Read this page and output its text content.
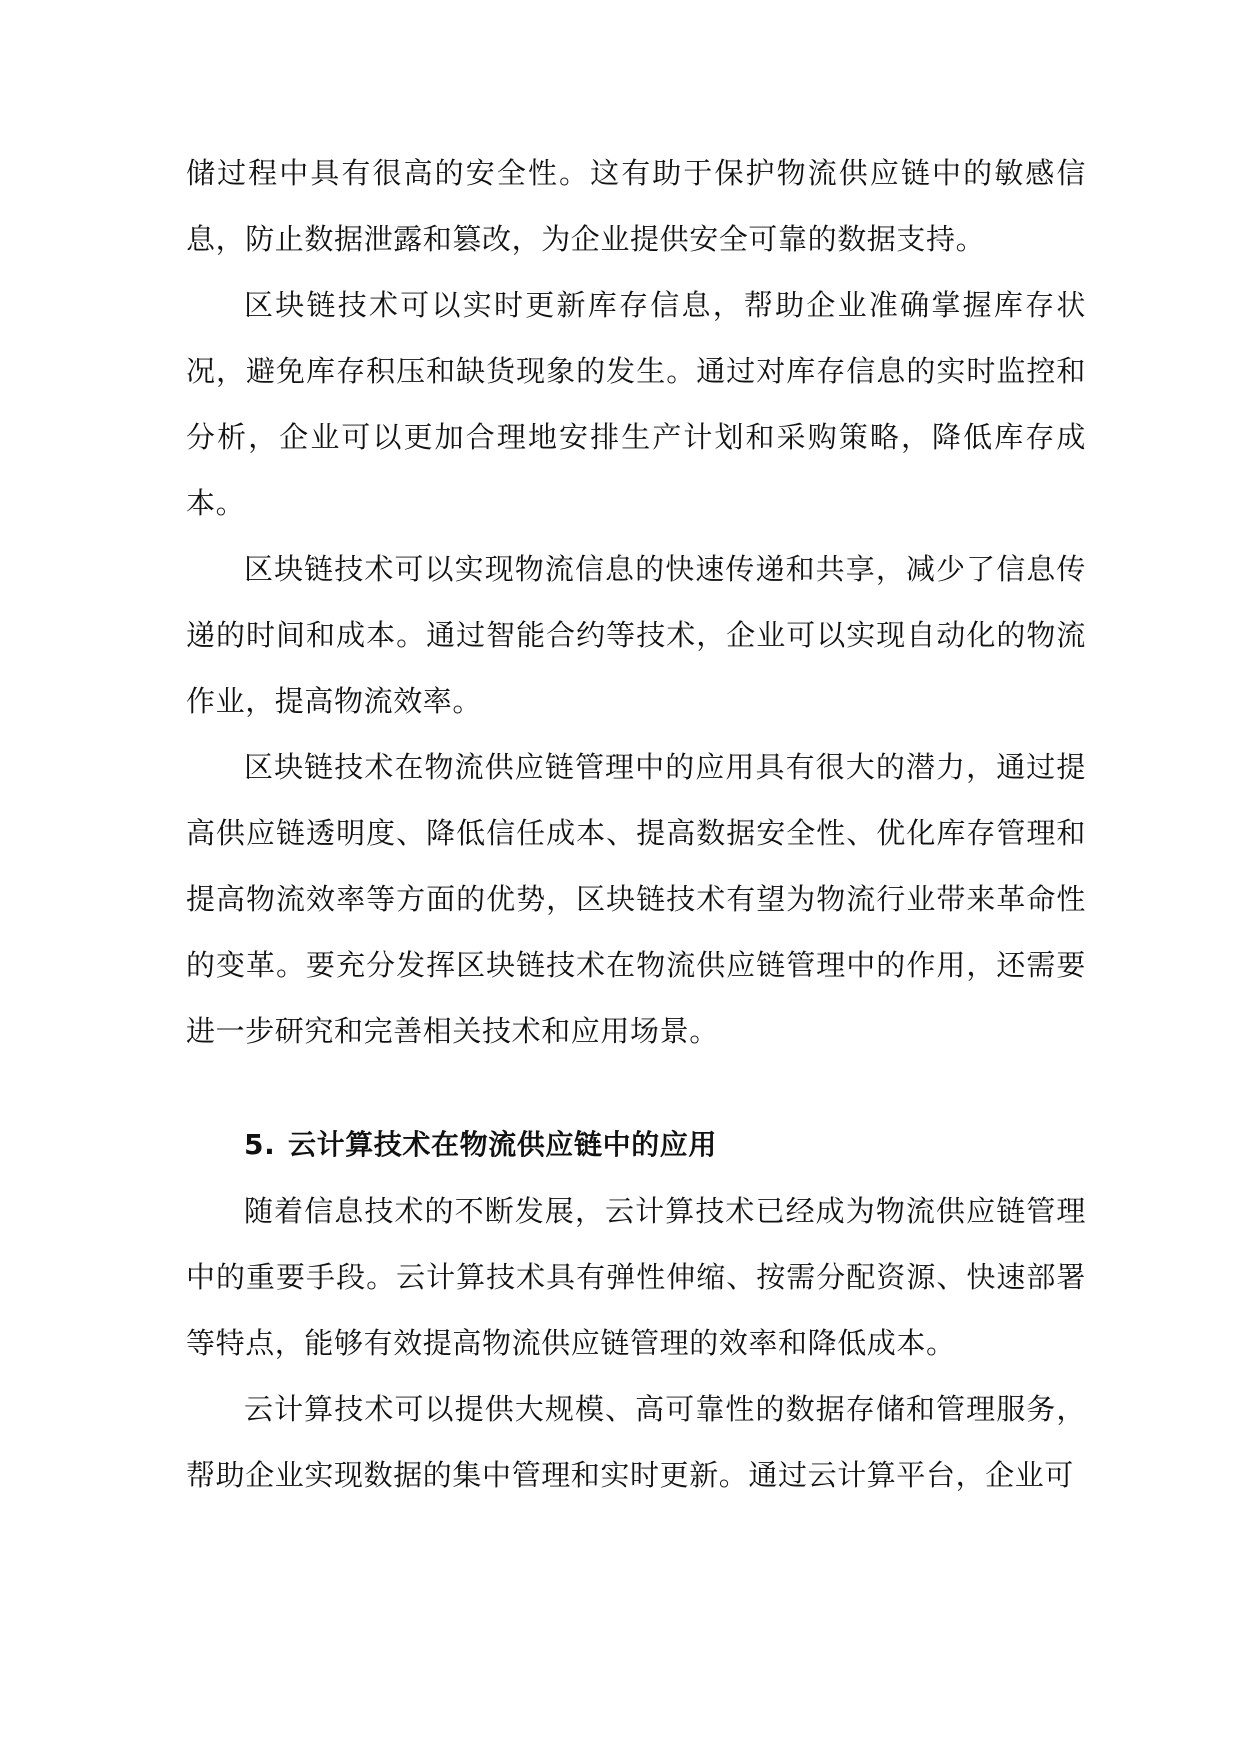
储过程中具有很高的安全性。这有助于保护物流供应链中的敏感信息，防止数据泄露和篡改，为企业提供安全可靠的数据支持。

区块链技术可以实时更新库存信息，帮助企业准确掌握库存状况，避免库存积压和缺货现象的发生。通过对库存信息的实时监控和分析，企业可以更加合理地安排生产计划和采购策略，降低库存成本。

区块链技术可以实现物流信息的快速传递和共享，减少了信息传递的时间和成本。通过智能合约等技术，企业可以实现自动化的物流作业，提高物流效率。

区块链技术在物流供应链管理中的应用具有很大的潜力，通过提高供应链透明度、降低信任成本、提高数据安全性、优化库存管理和提高物流效率等方面的优势，区块链技术有望为物流行业带来革命性的变革。要充分发挥区块链技术在物流供应链管理中的作用，还需要进一步研究和完善相关技术和应用场景。

5. 云计算技术在物流供应链中的应用

随着信息技术的不断发展，云计算技术已经成为物流供应链管理中的重要手段。云计算技术具有弹性伸缩、按需分配资源、快速部署等特点，能够有效提高物流供应链管理的效率和降低成本。

云计算技术可以提供大规模、高可靠性的数据存储和管理服务，帮助企业实现数据的集中管理和实时更新。通过云计算平台，企业可
